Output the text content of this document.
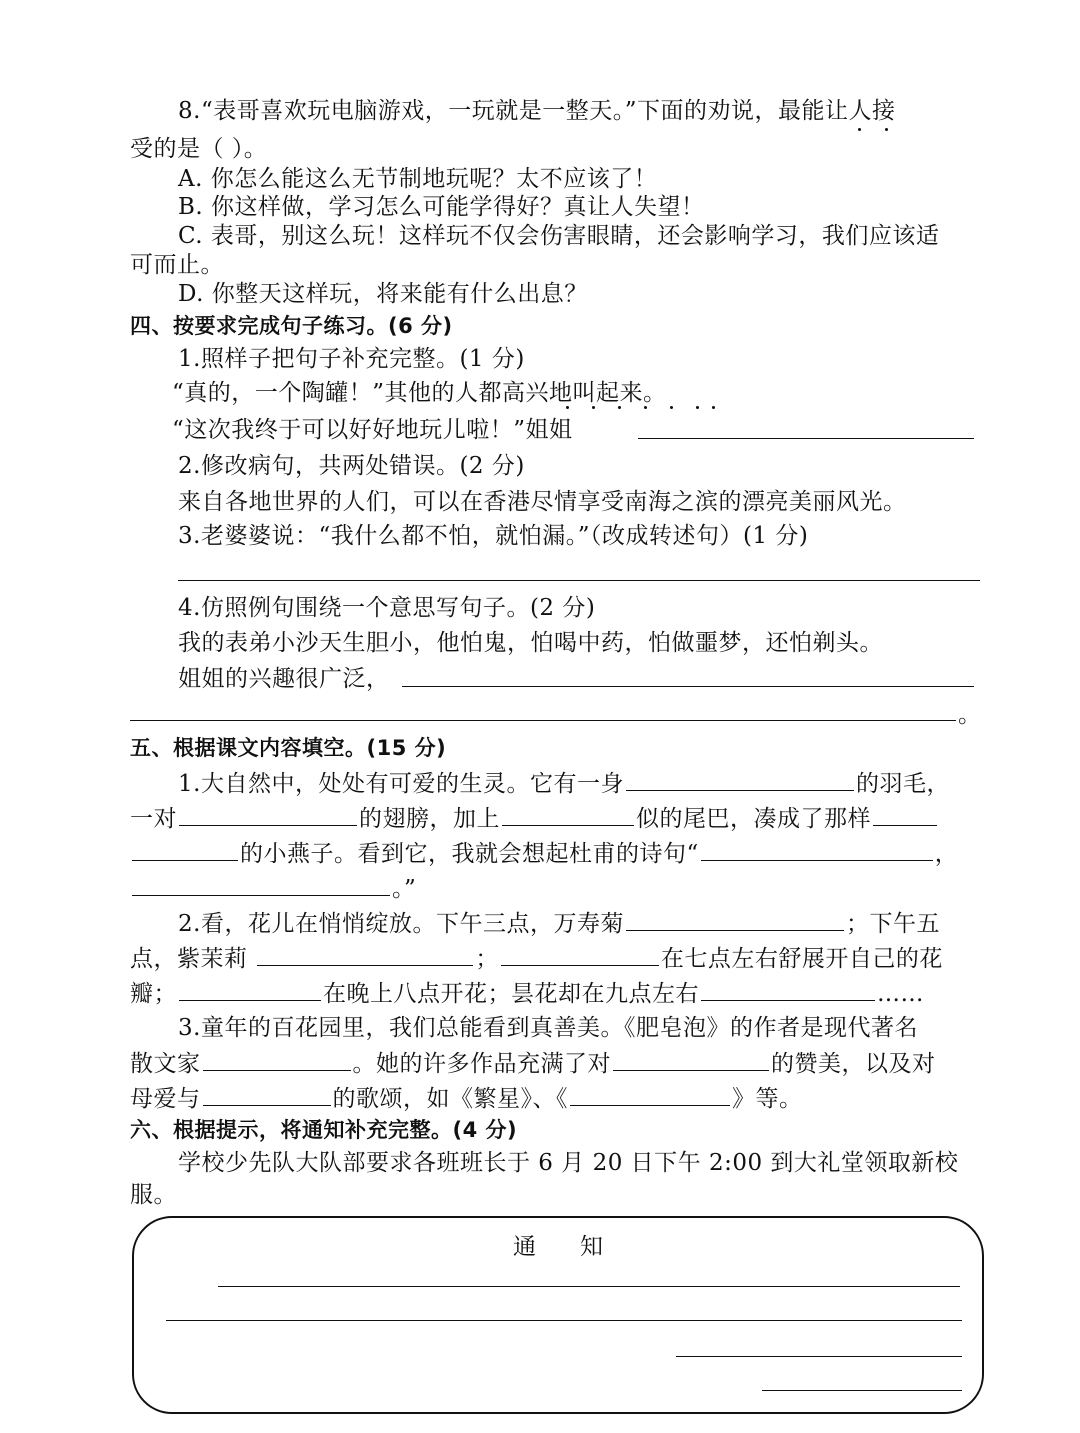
8.“表哥喜欢玩电脑游戏，一玩就是一整天。”下面的劝说，最能让人接
受的是（ ）。
A. 你怎么能这么无节制地玩呢？太不应该了！
B. 你这样做，学习怎么可能学得好？真让人失望！
C. 表哥，别这么玩！这样玩不仅会伤害眼睛，还会影响学习，我们应该适
可而止。
D. 你整天这样玩，将来能有什么出息？
四、按要求完成句子练习。(6 分)
1.照样子把句子补充完整。(1 分)
“真的，一个陶罐！”其他的人都高兴地叫起来。
“这次我终于可以好好地玩儿啦！”姐姐
2.修改病句，共两处错误。(2 分)
来自各地世界的人们，可以在香港尽情享受南海之滨的漂亮美丽风光。
3.老婆婆说：“我什么都不怕，就怕漏。”（改成转述句）(1 分)
4.仿照例句围绕一个意思写句子。(2 分)
我的表弟小沙天生胆小，他怕鬼，怕喝中药，怕做噩梦，还怕剃头。
姐姐的兴趣很广泛，
。
五、根据课文内容填空。(15 分)
1.大自然中，处处有可爱的生灵。它有一身	的羽毛，
一对	的翅膀，加上	似的尾巴，凑成了那样
的小燕子。看到它，我就会想起杜甫的诗句“	，
。”
2.看，花儿在悄悄绽放。下午三点，万寿菊	；下午五
点，紫茉莉	；	在七点左右舒展开自己的花
瓣；	在晚上八点开花；昙花却在九点左右	……
3.童年的百花园里，我们总能看到真善美。《肥皂泡》的作者是现代著名
散文家	。她的许多作品充满了对	的赞美，以及对
母爱与	的歌颂，如《繁星》、《	》等。
六、根据提示，将通知补充完整。(4 分)
学校少先队大队部要求各班班长于 6 月 20 日下午 2:00 到大礼堂领取新校
服。
通知
